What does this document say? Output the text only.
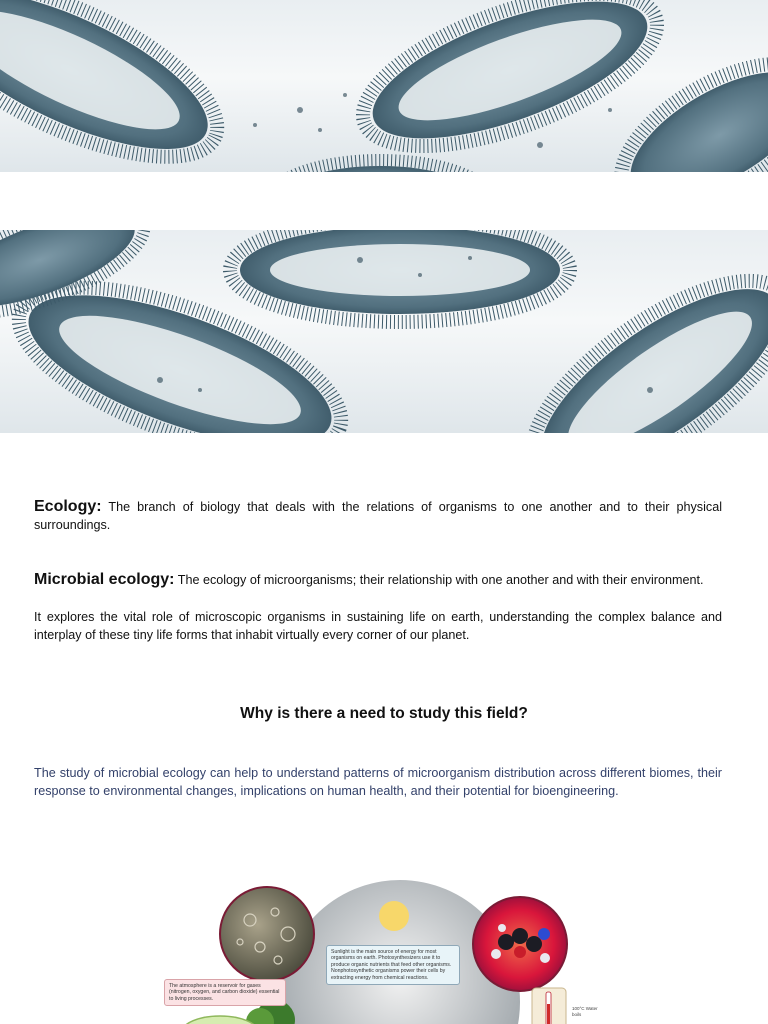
Ecology: The branch of biology that deals with the relations of organisms to one another and to their physical surroundings.
Microbial ecology: The ecology of microorganisms; their relationship with one another and with their environment.
It explores the vital role of microscopic organisms in sustaining life on earth, understanding the complex balance and interplay of these tiny life forms that inhabit virtually every corner of our planet.
Why is there a need to study this field?
The study of microbial ecology can help to understand patterns of microorganism distribution across different biomes, their response to environmental changes, implications on human health, and their potential for bioengineering.
Sunlight is the main source of energy for most organisms on earth. Photosynthesizers use it to produce organic nutrients that feed other organisms. Nonphotosynthetic organisms power their cells by extracting energy from chemical reactions.
The atmosphere is a reservoir for gases (nitrogen, oxygen, and carbon dioxide) essential to living processes.
100°C Water boils
